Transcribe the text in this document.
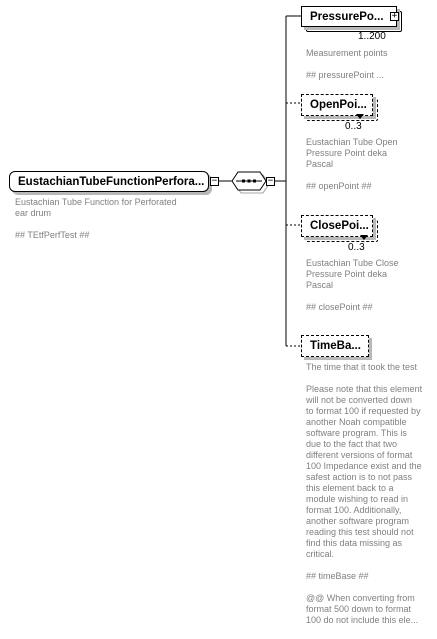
EustachianTubeFunctionPerfora... −
Eustachian Tube Function for Perforated
ear drum

## TEtfPerfTest ##
−
PressurePo... +
1..200
Measurement points

## pressurePoint ...
OpenPoi...
0..3
Eustachian Tube Open
Pressure Point deka
Pascal

## openPoint ##
ClosePoi...
0..3
Eustachian Tube Close
Pressure Point deka
Pascal

## closePoint ##
TimeBa...
The time that it took the test

Please note that this element
will not be converted down
to format 100 if requested by
another Noah compatible
software program. This is
due to the fact that two
different versions of format
100 Impedance exist and the
safest action is to not pass
this element back to a
module wishing to read in
format 100. Additionally,
another software program
reading this test should not
find this data missing as
critical.

## timeBase ##

@@ When converting from
format 500 down to format
100 do not include this ele...
